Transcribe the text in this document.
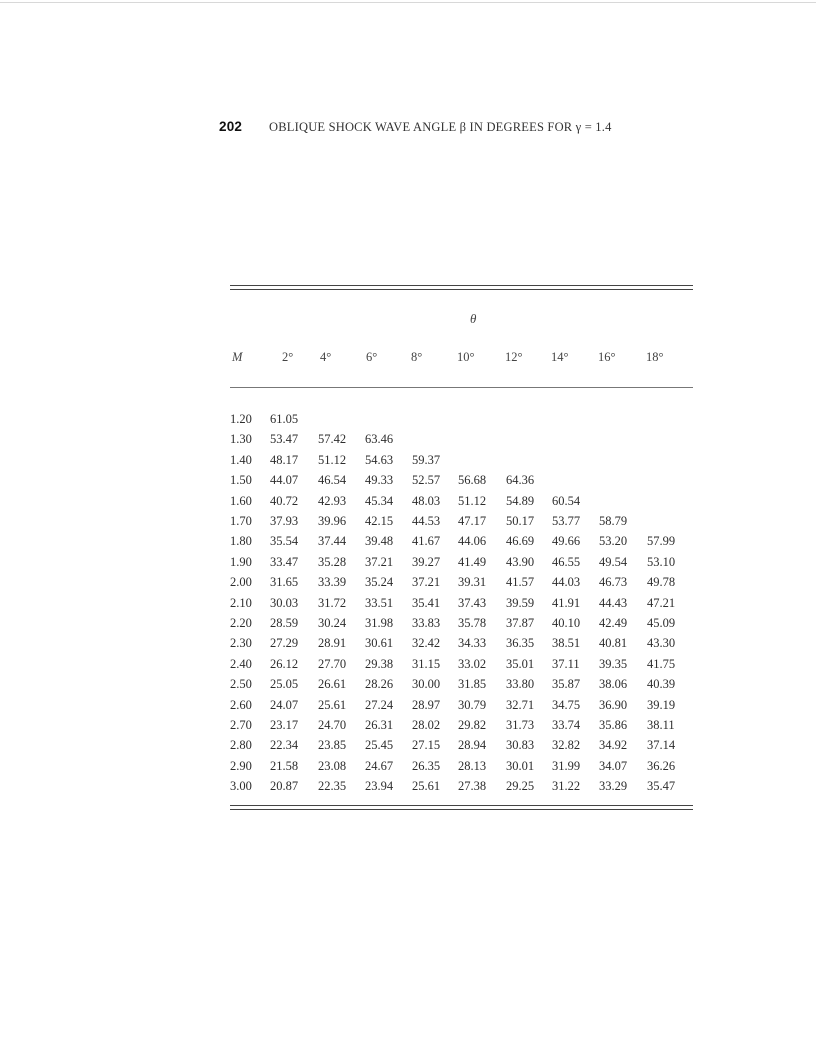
202 OBLIQUE SHOCK WAVE ANGLE β IN DEGREES FOR γ = 1.4
θ
M	2° 4°	6°	8°	10° 12° 14° 16° 18°
1.20 61.05
1.30 53.47 57.42 63.46
1.40 48.17 51.12 54.63 59.37
1.50 44.07 46.54 49.33 52.57 56.68 64.36
1.60 40.72 42.93 45.34 48.03 51.12 54.89 60.54
1.70 37.93 39.96 42.15 44.53 47.17 50.17 53.77 58.79
1.80 35.54 37.44 39.48 41.67 44.06 46.69 49.66 53.20 57.99
1.90 33.47 35.28 37.21 39.27 41.49 43.90 46.55 49.54 53.10
2.00 31.65 33.39 35.24 37.21 39.31 41.57 44.03 46.73 49.78
2.10 30.03 31.72 33.51 35.41 37.43 39.59 41.91 44.43 47.21
2.20 28.59 30.24 31.98 33.83 35.78 37.87 40.10 42.49 45.09
2.30 27.29 28.91 30.61 32.42 34.33 36.35 38.51 40.81 43.30
2.40 26.12 27.70 29.38 31.15 33.02 35.01 37.11 39.35 41.75
2.50 25.05 26.61 28.26 30.00 31.85 33.80 35.87 38.06 40.39
2.60 24.07 25.61 27.24 28.97 30.79 32.71 34.75 36.90 39.19
2.70 23.17 24.70 26.31 28.02 29.82 31.73 33.74 35.86 38.11
2.80 22.34 23.85 25.45 27.15 28.94 30.83 32.82 34.92 37.14
2.90 21.58 23.08 24.67 26.35 28.13 30.01 31.99 34.07 36.26
3.00 20.87 22.35 23.94 25.61 27.38 29.25 31.22 33.29 35.47
